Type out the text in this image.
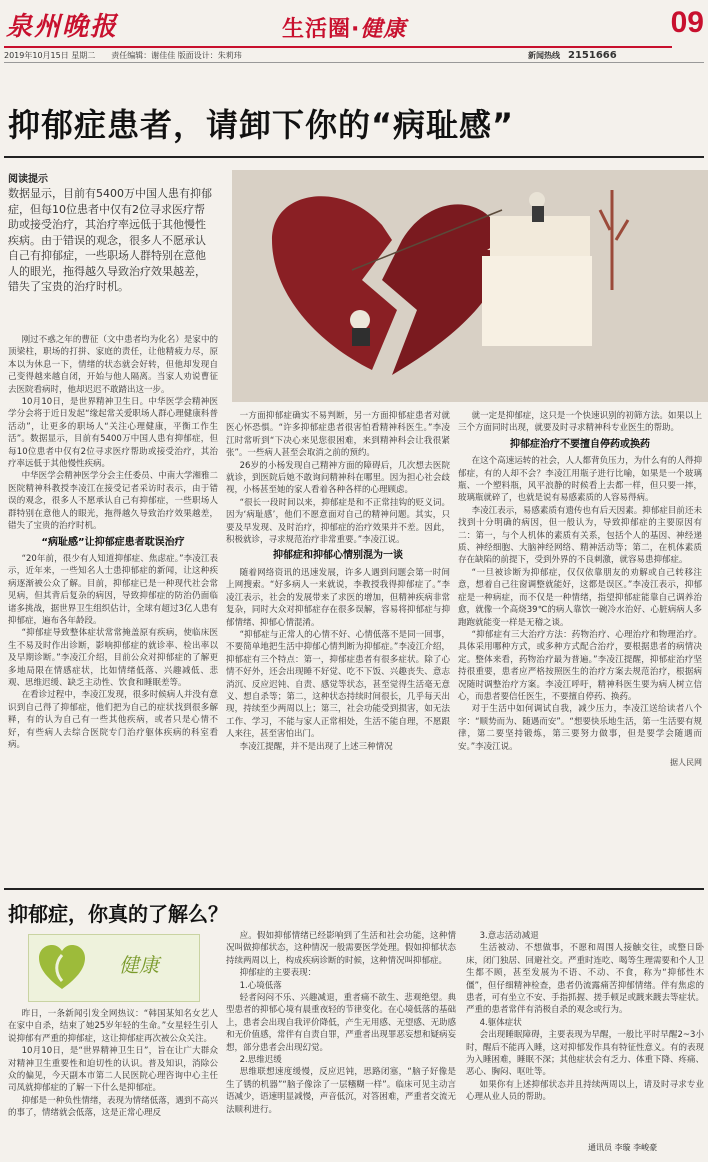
泉州晚报	生活圈·健康	09
2019年10月15日 星期二　　责任编辑：谢佳佳 版面设计：朱莉玮	新闻热线　 2151666
抑郁症患者，请卸下你的“病耻感”
阅读提示
数据显示，目前有5400万中国人患有抑郁症，但每10位患者中仅有2位寻求医疗帮助或接受治疗，其治疗率远低于其他慢性疾病。由于错误的观念，很多人不愿承认自己有抑郁症，一些职场人群特别在意他人的眼光，拖得越久导致治疗效果越差，错失了宝贵的治疗时机。

刚过不惑之年的曹征（文中患者均为化名）是家中的顶梁柱，职场的打拼、家庭的责任，让他精疲力尽，原本以为休息一下，情绪的状态就会好转，但他却发现自己变得越来越自闭，开始与他人隔离。当家人劝说曹征去医院看病时，他却迟迟不敢踏出这一步。

10月10日，是世界精神卫生日。中华医学会精神医学分会将于近日发起“缘起常关爱职场人群心理健康科普活动”，让更多的职场人“关注心理健康，平衡工作生活”。数据显示，目前有5400万中国人患有抑郁症，但每10位患者中仅有2位寻求医疗帮助或接受治疗，其治疗率远低于其他慢性疾病。

中华医学会精神医学分会主任委员、中南大学湘雅二医院精神科教授李凌江在接受记者采访时表示，由于错误的观念，很多人不愿承认自己有抑郁症，一些职场人群特别在意他人的眼光，拖得越久导致治疗效果越差，错失了宝贵的治疗时机。

“病耻感”让抑郁症患者耽误治疗

“20年前，很少有人知道抑郁症、焦虑症。”李凌江表示，近年来，一些知名人士患抑郁症的新闻，让这种疾病逐渐被公众了解。目前，抑郁症已是一种现代社会常见病，但其背后复杂的病因，导致抑郁症的防治仍面临诸多挑战，据世界卫生组织估计，全球有超过3亿人患有抑郁症，遍布各年龄段。

“抑郁症导致整体症状常常掩盖原有疾病，使临床医生不易及时作出诊断，影响抑郁症的就诊率、检出率以及早期诊断。”李凌江介绍，目前公众对抑郁症的了解更多地局限在情感症状，比如情绪低落、兴趣减低、悲观、思维迟缓、缺乏主动性、饮食和睡眠差等。

在看诊过程中，李凌江发现，很多时候病人并没有意识到自己得了抑郁症，他们把为自己的症状找到很多解释，有的认为自己有一些其他疾病，或者只是心情不好，有些病人去综合医院专门治疗躯体疾病的科室看病。

一方面抑郁症确实不易判断，另一方面抑郁症患者对就医心怀恐惧。“许多抑郁症患者很害怕看精神科医生。”李凌江时常听到“下决心来见您很困难，来到精神科会让我很紧张”。一些病人甚至会取消之前的预约。

26岁的小杨发现自己精神方面的障碍后，几次想去医院就诊，到医院后她不敢询问精神科在哪里。因为担心社会歧视，小杨甚至她的家人看着各种各样的心理顾虑。

“很长一段时间以来，抑郁症是和不正常挂钩的贬义词。因为‘病耻感’，他们不愿意面对自己的精神问题。其实，只要及早发现、及时治疗，抑郁症的治疗效果并不差。因此，积极就诊，寻求规范治疗非常重要。”李凌江说。

抑郁症和抑郁心情别混为一谈

随着网络资讯的迅速发展，许多人遇到问题会第一时间上网搜索。“好多病人一来就说，李教授我得抑郁症了。”李凌江表示，社会的发展带来了求医的增加，但精神疾病非常复杂，同时大众对抑郁症存在很多误解，容易将抑郁症与抑郁情绪、抑郁心情混淆。

“抑郁症与正常人的心情不好、心情低落不是同一回事，不要简单地把生活中抑郁心情判断为抑郁症。”李凌江介绍，抑郁症有三个特点：第一，抑郁症患者有很多症状。除了心情不好外，还会出现睡不好觉、吃不下饭、兴趣丧失、意志消沉、反应迟钝、自责、感觉等状态，甚至觉得生活毫无意义、想自杀等；第二，这种状态持续时间很长，几乎每天出现，持续至少两周以上；第三，社会功能受到损害，如无法工作、学习，不能与家人正常相处，生活不能自理，不愿跟人来往，甚至害怕出门。

李凌江提醒，并不是出现了上述三种情况

就一定是抑郁症，这只是一个快速识别的初筛方法。如果以上三个方面同时出现，就要及时寻求精神科专业医生的帮助。

抑郁症治疗不要擅自停药或换药

在这个高速运转的社会，人人都背负压力，为什么有的人得抑郁症，有的人却不会？李凌江用瓶子进行比喻，如果是一个玻璃瓶、一个塑料瓶，风平浪静的时候看上去都一样，但只要一摔，玻璃瓶就碎了，也就是说有易感素质的人容易得病。

李凌江表示，易感素质有遗传也有后天因素。抑郁症目前还未找到十分明确的病因，但一般认为，导致抑郁症的主要原因有二：第一，与个人机体的素质有关系，包括个人的基因、神经递质、神经细胞、大脑神经网络、精神活动等；第二，在机体素质存在缺陷的前提下，受到外界的不良刺激，就容易患抑郁症。

“一旦被诊断为抑郁症，仅仅依靠朋友的劝解或自己转移注意，想着自己往窗调整就能好，这都是误区。”李凌江表示，抑郁症是一种病症，而不仅是一种情绪，指望抑郁症能靠自己调养治愈，就像一个高烧39℃的病人靠饮一碗冷水治好、心脏病病人多跑跑就能变一样是无稽之谈。

“抑郁症有三大治疗方法：药物治疗、心理治疗和物理治疗。具体采用哪种方式，或多种方式配合治疗，要根据患者的病情决定。整体来看，药物治疗最为普遍。”李凌江提醒，抑郁症治疗坚持很重要，患者应严格按照医生的治疗方案去规范治疗，根据病况随时调整治疗方案。李凌江呼吁，精神科医生要为病人树立信心，而患者要信任医生，不要擅自停药、换药。

对于生活中如何调试自我，减少压力，李凌江送给读者八个字：“顺势而为、随遇而安”。“想要快乐地生活，第一生活要有规律，第二要坚持锻炼，第三要努力做事，但是要学会随遇而安。”李凌江说。

据人民网
抑郁症，你真的了解么？
健康

昨日，一条新闻引发全网热议：“韩国某知名女艺人在家中自杀，结束了她25岁年轻的生命。”女星轻生引人说抑郁有严重的抑郁症，这让抑郁症再次被公众关注。

10月10日，是“世界精神卫生日”，旨在让广大群众对精神卫生重要性和迫切性的认识。普及知识，消除公众的偏见，今天副本市第二人民医院心理咨询中心主任司凤就抑郁症的了解一下什么是抑郁症。

抑郁是一种负性情绪，表现为情绪低落，遇到不高兴的事了，情绪就会低落，这是正常心理反

应。假如抑郁情绪已经影响到了生活和社会功能，这种情况叫做抑郁状态，这种情况一般需要医学处理。假如抑郁状态持续两周以上，构成疾病诊断的时候，这种情况叫抑郁症。

抑郁症的主要表现：

1.心境低落

轻者闷闷不乐、兴趣减退，重者痛不欲生、悲观绝望。典型患者的抑郁心境有晨重夜轻的节律变化。在心境低落的基础上，患者会出现自我评价降低，产生无用感、无望感、无助感和无价值感，常伴有自责自罪，严重者出现罪恶妄想和疑病妄想，部分患者会出现幻觉。

2.思维迟缓

思维联想速度缓慢，反应迟钝，思路闭塞，“脑子好像是生了锈的机器”“脑子像涂了一层糨糊一样”。临床可见主动言语减少，语速明显减慢，声音低沉，对答困难，严重者交流无法顺利进行。

3.意志活动减退

生活被动、不想做事，不愿和周围人接触交往，或整日卧床，闭门独居、回避社交。严重时连吃、喝等生理需要和个人卫生都不顾，甚至发展为不语、不动、不食，称为“抑郁性木僵”，但仔细精神检查，患者仍流露痛苦抑郁情绪。伴有焦虑的患者，可有坐立不安、手指抓握、搓手顿足或踱来踱去等症状。严重的患者常伴有消极自杀的观念或行为。

4.躯体症状

会出现睡眠障碍，主要表现为早醒，一般比平时早醒2~3小时，醒后不能再入睡，这对抑郁发作具有特征性意义。有的表现为入睡困难，睡眠不深；其他症状会有乏力、体重下降、疼痛、恶心、胸闷、呕吐等。

如果你有上述抑郁状态并且持续两周以上，请及时寻求专业心理从业人员的帮助。

通讯员 李璇 李峻豪
